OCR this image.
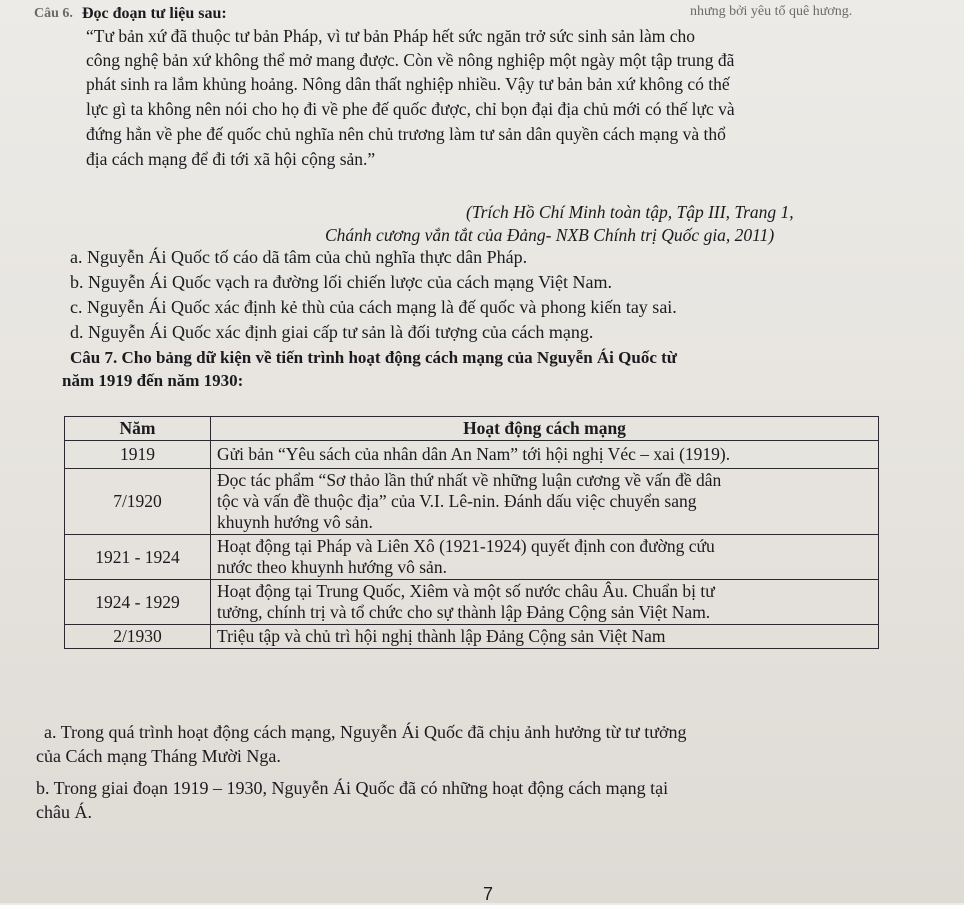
Câu 6. Đọc đoạn tư liệu sau:	nhưng bởi yêu tổ quê hương.
“Tư bản xứ đã thuộc tư bản Pháp, vì tư bản Pháp hết sức ngăn trở sức sinh sản làm cho
công nghệ bản xứ không thể mở mang được. Còn về nông nghiệp một ngày một tập trung đã
phát sinh ra lắm khủng hoảng. Nông dân thất nghiệp nhiều. Vậy tư bản bản xứ không có thế
lực gì ta không nên nói cho họ đi về phe đế quốc được, chỉ bọn đại địa chủ mới có thế lực và
đứng hẳn về phe đế quốc chủ nghĩa nên chủ trương làm tư sản dân quyền cách mạng và thổ
địa cách mạng để đi tới xã hội cộng sản.”
(Trích Hồ Chí Minh toàn tập, Tập III, Trang 1,
Chánh cương vắn tắt của Đảng- NXB Chính trị Quốc gia, 2011)
a. Nguyễn Ái Quốc tố cáo dã tâm của chủ nghĩa thực dân Pháp.
b. Nguyễn Ái Quốc vạch ra đường lối chiến lược của cách mạng Việt Nam.
c. Nguyễn Ái Quốc xác định kẻ thù của cách mạng là đế quốc và phong kiến tay sai.
d. Nguyễn Ái Quốc xác định giai cấp tư sản là đối tượng của cách mạng.
Câu 7. Cho bảng dữ kiện về tiến trình hoạt động cách mạng của Nguyễn Ái Quốc từ
năm 1919 đến năm 1930:
Năm	Hoạt động cách mạng
1919	Gửi bản “Yêu sách của nhân dân An Nam” tới hội nghị Véc – xai (1919).
7/1920	Đọc tác phẩm “Sơ thảo lần thứ nhất về những luận cương về vấn đề dân
tộc và vấn đề thuộc địa” của V.I. Lê-nin. Đánh dấu việc chuyển sang
khuynh hướng vô sản.
1921 - 1924	Hoạt động tại Pháp và Liên Xô (1921-1924) quyết định con đường cứu
nước theo khuynh hướng vô sản.
1924 - 1929	Hoạt động tại Trung Quốc, Xiêm và một số nước châu Âu. Chuẩn bị tư
tưởng, chính trị và tổ chức cho sự thành lập Đảng Cộng sản Việt Nam.
2/1930	Triệu tập và chủ trì hội nghị thành lập Đảng Cộng sản Việt Nam
a. Trong quá trình hoạt động cách mạng, Nguyễn Ái Quốc đã chịu ảnh hưởng từ tư tưởng
của Cách mạng Tháng Mười Nga.
b. Trong giai đoạn 1919 – 1930, Nguyễn Ái Quốc đã có những hoạt động cách mạng tại
châu Á.
7
